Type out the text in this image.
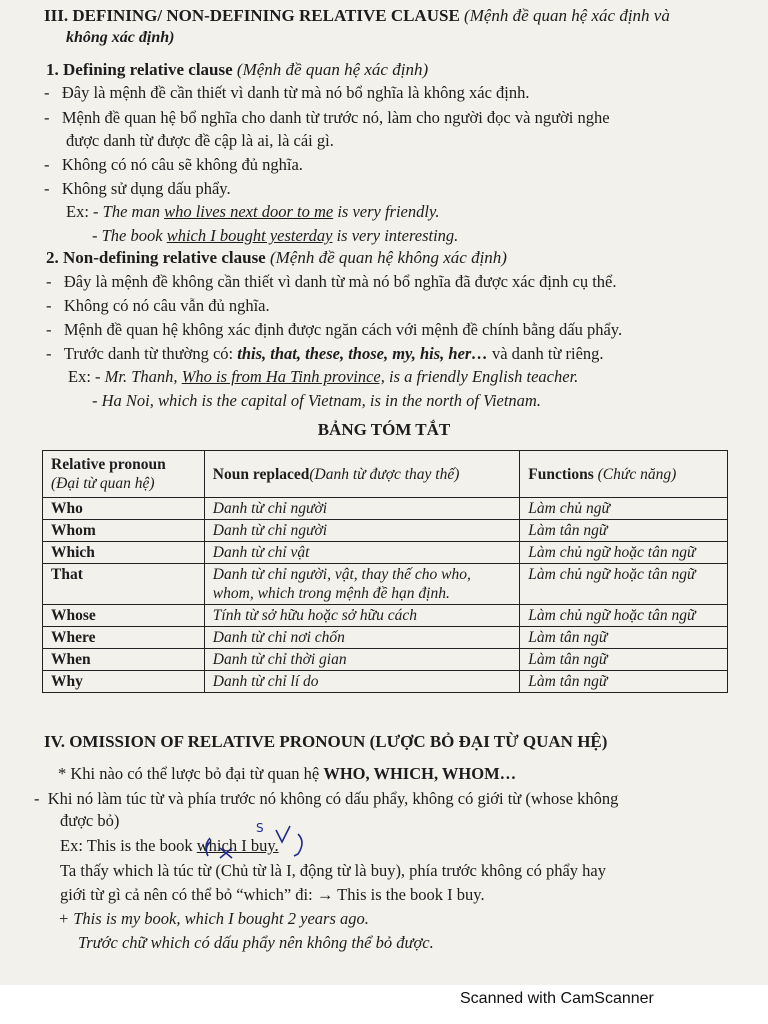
III. DEFINING/ NON-DEFINING RELATIVE CLAUSE (Mệnh đề quan hệ xác định và
không xác định)
1. Defining relative clause (Mệnh đề quan hệ xác định)
-   Đây là mệnh đề cần thiết vì danh từ mà nó bổ nghĩa là không xác định.
-   Mệnh đề quan hệ bổ nghĩa cho danh từ trước nó, làm cho người đọc và người nghe
được danh từ được đề cập là ai, là cái gì.
-   Không có nó câu sẽ không đủ nghĩa.
-   Không sử dụng dấu phẩy.
Ex: - The man who lives next door to me is very friendly.
- The book which I bought yesterday is very interesting.
2. Non-defining relative clause (Mệnh đề quan hệ không xác định)
-   Đây là mệnh đề không cần thiết vì danh từ mà nó bổ nghĩa đã được xác định cụ thể.
-   Không có nó câu vẫn đủ nghĩa.
-   Mệnh đề quan hệ không xác định được ngăn cách với mệnh đề chính bằng dấu phẩy.
-   Trước danh từ thường có: this, that, these, those, my, his, her… và danh từ riêng.
Ex: - Mr. Thanh, Who is from Ha Tinh province, is a friendly English teacher.
- Ha Noi, which is the capital of Vietnam, is in the north of Vietnam.
BẢNG TÓM TẮT
Relative pronoun
(Đại từ quan hệ)	Noun replaced(Danh từ được thay thế)	Functions (Chức năng)
Who	Danh từ chỉ người	Làm chủ ngữ
Whom	Danh từ chỉ người	Làm tân ngữ
Which	Danh từ chỉ vật	Làm chủ ngữ hoặc tân ngữ
That	Danh từ chỉ người, vật, thay thế cho who,
whom, which trong mệnh đề hạn định.	Làm chủ ngữ hoặc tân ngữ
Whose	Tính từ sở hữu hoặc sở hữu cách	Làm chủ ngữ hoặc tân ngữ
Where	Danh từ chỉ nơi chốn	Làm tân ngữ
When	Danh từ chỉ thời gian	Làm tân ngữ
Why	Danh từ chỉ lí do	Làm tân ngữ
IV. OMISSION OF RELATIVE PRONOUN (LƯỢC BỎ ĐẠI TỪ QUAN HỆ)
* Khi nào có thể lược bỏ đại từ quan hệ WHO, WHICH, WHOM…
-  Khi nó làm túc từ và phía trước nó không có dấu phẩy, không có giới từ (whose không
được bỏ)
Ex: This is the book which I buy.
S
Ta thấy which là túc từ (Chủ từ là I, động từ là buy), phía trước không có phẩy hay
giới từ gì cả nên có thể bỏ “which” đi: → This is the book I buy.
+ This is my book, which I bought 2 years ago.
Trước chữ which có dấu phẩy nên không thể bỏ được.
Scanned with CamScanner
